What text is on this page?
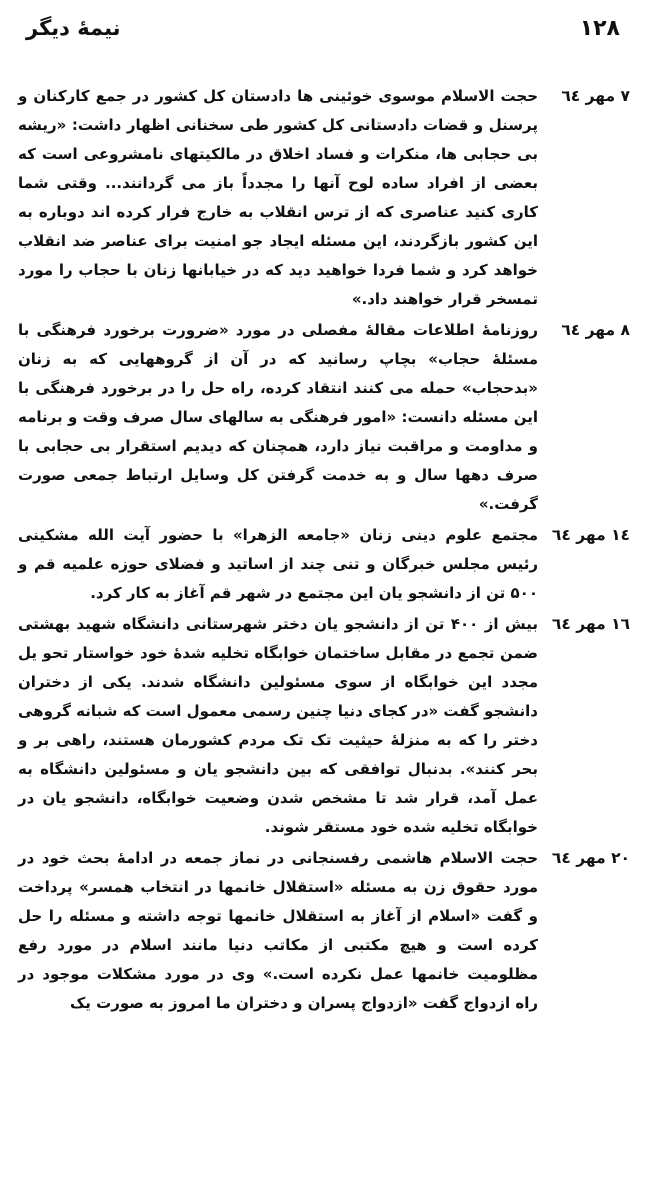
۱۲۸
نیمهٔ دیگر
۷ مهر ٦٤
حجت الاسلام موسوی خوئینی ها دادستان کل کشور در جمع کارکنان و پرسنل و قضات دادستانی کل کشور طی سخنانی اظهار داشت: «ریشه بی حجابی ها، منکرات و فساد اخلاق در مالکیتهای نامشروعی است که بعضی از افراد ساده لوح آنها را مجدداً باز می گردانند... وقتی شما کاری کنید عناصری که از ترس انقلاب به خارج فرار کرده اند دوباره به این کشور بازگردند، این مسئله ایجاد جو امنیت برای عناصر ضد انقلاب خواهد کرد و شما فردا خواهید دید که در خیابانها زنان با حجاب را مورد تمسخر قرار خواهند داد.»
۸ مهر ٦٤
روزنامهٔ اطلاعات مقالهٔ مفصلی در مورد «ضرورت برخورد فرهنگی با مسئلهٔ حجاب» بچاپ رسانید که در آن از گروههایی که به زنان «بدحجاب» حمله می کنند انتقاد کرده، راه حل را در برخورد فرهنگی با این مسئله دانست: «امور فرهنگی به سالهای سال صرف وقت و برنامه و مداومت و مراقبت نیاز دارد، همچنان که دیدیم استقرار بی حجابی با صرف دهها سال و به خدمت گرفتن کل وسایل ارتباط جمعی صورت گرفت.»
١٤ مهر ٦٤
مجتمع علوم دینی زنان «جامعه الزهرا» با حضور آیت الله مشکینی رئیس مجلس خبرگان و تنی چند از اساتید و فضلای حوزه علمیه قم و ۵۰۰ تن از دانشجو یان این مجتمع در شهر قم آغاز به کار کرد.
١٦ مهر ٦٤
بیش از ۴۰۰ تن از دانشجو یان دختر شهرستانی دانشگاه شهید بهشتی ضمن تجمع در مقابل ساختمان خوابگاه تخلیه شدهٔ خود خواستار تحو یل مجدد این خوابگاه از سوی مسئولین دانشگاه شدند. یکی از دختران دانشجو گفت «در کجای دنیا چنین رسمی معمول است که شبانه گروهی دختر را که به منزلهٔ حیثیت تک تک مردم کشورمان هستند، راهی بر و بحر کنند». بدنبال توافقی که بین دانشجو یان و مسئولین دانشگاه به عمل آمد، قرار شد تا مشخص شدن وضعیت خوابگاه، دانشجو یان در خوابگاه تخلیه شده خود مستقر شوند.
۲۰ مهر ٦٤
حجت الاسلام هاشمی رفسنجانی در نماز جمعه در ادامهٔ بحث خود در مورد حقوق زن به مسئله «استقلال خانمها در انتخاب همسر» پرداخت و گفت «اسلام از آغاز به استقلال خانمها توجه داشته و مسئله را حل کرده است و هیچ مکتبی از مکاتب دنیا مانند اسلام در مورد رفع مظلومیت خانمها عمل نکرده است.» وی در مورد مشکلات موجود در راه ازدواج گفت «ازدواج پسران و دختران ما امروز به صورت یک
